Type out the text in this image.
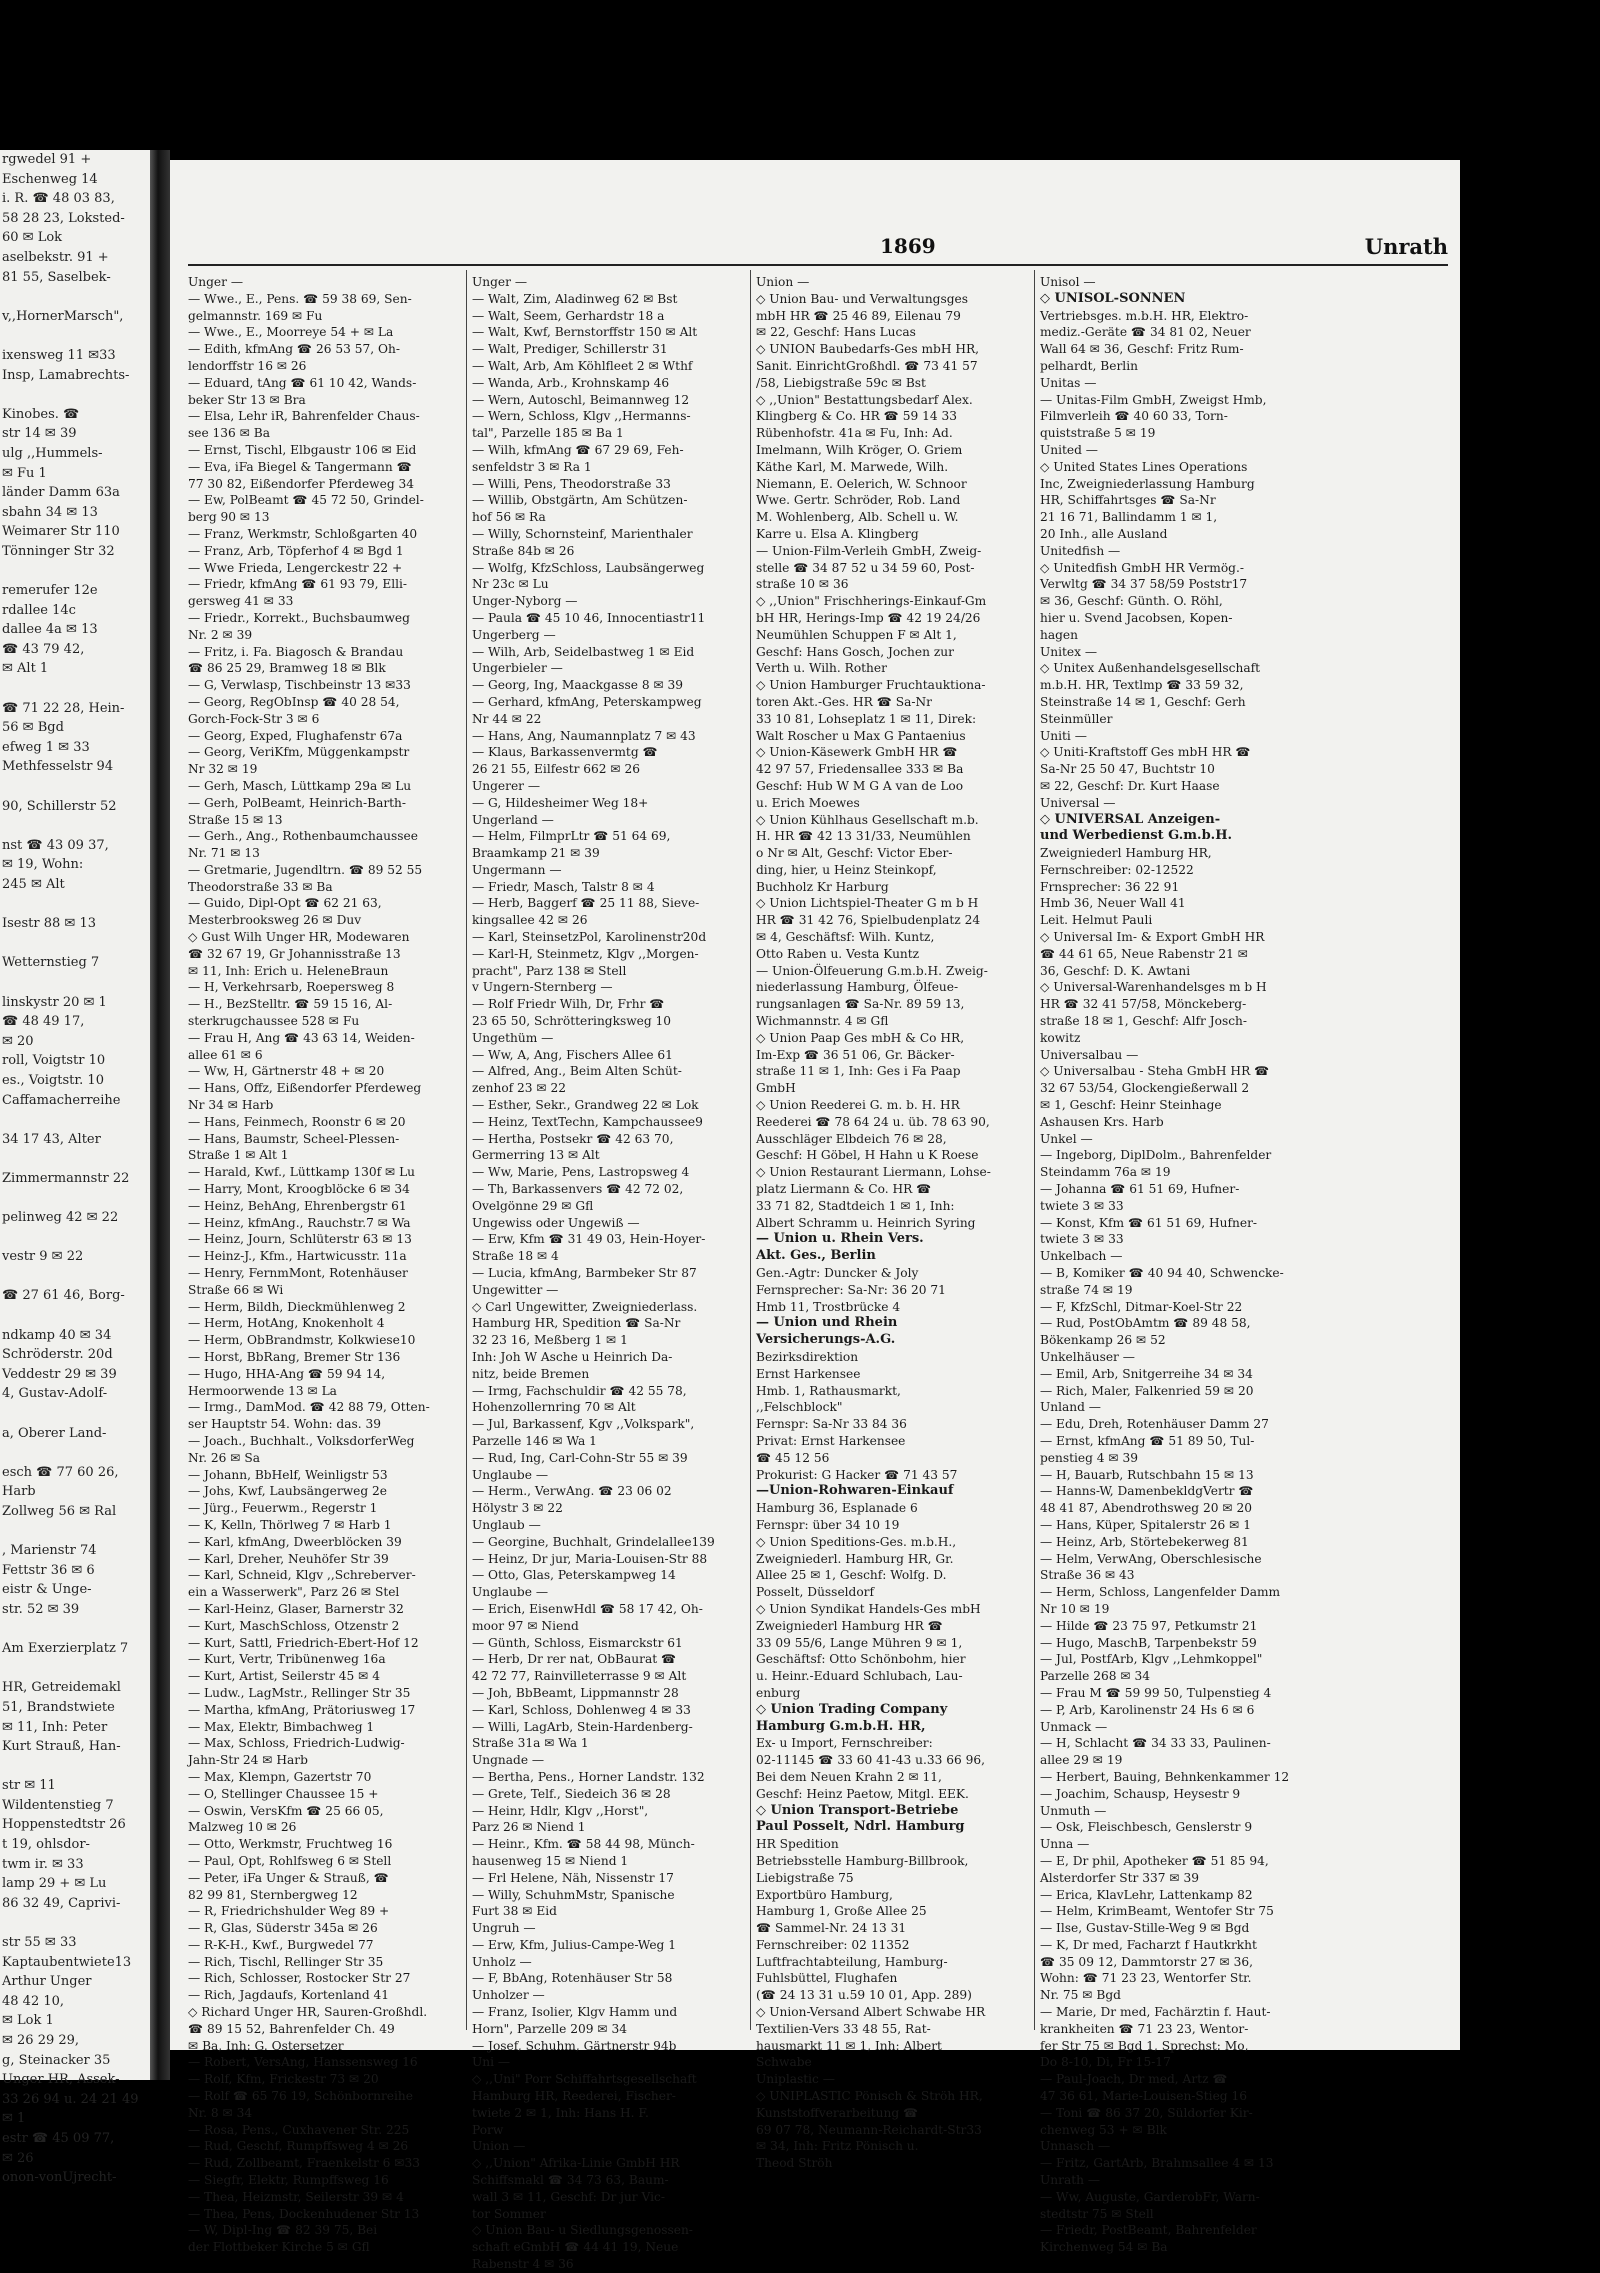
rgwedel 91 +
Eschenweg 14
i. R. ☎ 48 03 83,
58 28 23, Loksted-
60 ✉ Lok
aselbekstr. 91 +
81 55, Saselbek-

v,,HornerMarsch",

ixensweg 11 ✉33
Insp, Lamabrechts-

Kinobes. ☎
str 14 ✉ 39
ulg ,,Hummels-
✉ Fu 1
länder Damm 63a
sbahn 34 ✉ 13
Weimarer Str 110
Tönninger Str 32

remerufer 12e
rdallee 14c
dallee 4a ✉ 13
☎ 43 79 42,
✉ Alt 1

☎ 71 22 28, Hein-
56 ✉ Bgd
efweg 1 ✉ 33
Methfesselstr 94

90, Schillerstr 52

nst ☎ 43 09 37,
✉ 19, Wohn:
245 ✉ Alt

Isestr 88 ✉ 13

Wetternstieg 7

linskystr 20 ✉ 1
☎ 48 49 17,
✉ 20
roll, Voigtstr 10
es., Voigtstr. 10
Caffamacherreihe

34 17 43, Alter

Zimmermannstr 22

pelinweg 42 ✉ 22

vestr 9 ✉ 22

☎ 27 61 46, Borg-

ndkamp 40 ✉ 34
Schröderstr. 20d
Veddestr 29 ✉ 39
4, Gustav-Adolf-

a, Oberer Land-

esch ☎ 77 60 26,
Harb
Zollweg 56 ✉ Ral

, Marienstr 74
Fettstr 36 ✉ 6
eistr & Unge-
str. 52 ✉ 39

Am Exerzierplatz 7

HR, Getreidemakl
51, Brandstwiete
✉ 11, Inh: Peter
Kurt Strauß, Han-

str ✉ 11
Wildentenstieg 7
Hoppenstedtstr 26
t 19, ohlsdor-
twm ir. ✉ 33
lamp 29 + ✉ Lu
86 32 49, Caprivi-

str 55 ✉ 33
Kaptaubentwiete13
Arthur Unger
48 42 10,
✉ Lok 1
✉ 26 29 29,
g, Steinacker 35
Unger HR, Assek-
33 26 94 u. 24 21 49
✉ 1
estr ☎ 45 09 77,
✉ 26
onon-vonUjrecht-
1869	Unrath
Unger —
— Wwe., E., Pens. ☎ 59 38 69, Sen-
gelmannstr. 169 ✉ Fu
— Wwe., E., Moorreye 54 + ✉ La
— Edith, kfmAng ☎ 26 53 57, Oh-
lendorffstr 16 ✉ 26
— Eduard, tAng ☎ 61 10 42, Wands-
beker Str 13 ✉ Bra
— Elsa, Lehr iR, Bahrenfelder Chaus-
see 136 ✉ Ba
— Ernst, Tischl, Elbgaustr 106 ✉ Eid
— Eva, iFa Biegel & Tangermann ☎
77 30 82, Eißendorfer Pferdeweg 34
— Ew, PolBeamt ☎ 45 72 50, Grindel-
berg 90 ✉ 13
— Franz, Werkmstr, Schloßgarten 40
— Franz, Arb, Töpferhof 4 ✉ Bgd 1
— Wwe Frieda, Lengerckestr 22 +
— Friedr, kfmAng ☎ 61 93 79, Elli-
gersweg 41 ✉ 33
— Friedr., Korrekt., Buchsbaumweg
Nr. 2 ✉ 39
— Fritz, i. Fa. Biagosch & Brandau
☎ 86 25 29, Bramweg 18 ✉ Blk
— G, Verwlasp, Tischbeinstr 13 ✉33
— Georg, RegObInsp ☎ 40 28 54,
Gorch-Fock-Str 3 ✉ 6
— Georg, Exped, Flughafenstr 67a
— Georg, VeriKfm, Müggenkampstr
Nr 32 ✉ 19
— Gerh, Masch, Lüttkamp 29a ✉ Lu
— Gerh, PolBeamt, Heinrich-Barth-
Straße 15 ✉ 13
— Gerh., Ang., Rothenbaumchaussee
Nr. 71 ✉ 13
— Gretmarie, Jugendltrn. ☎ 89 52 55
Theodorstraße 33 ✉ Ba
— Guido, Dipl-Opt ☎ 62 21 63,
Mesterbrooksweg 26 ✉ Duv
◇ Gust Wilh Unger HR, Modewaren
☎ 32 67 19, Gr Johannisstraße 13
✉ 11, Inh: Erich u. HeleneBraun
— H, Verkehrsarb, Roepersweg 8
— H., BezStelltr. ☎ 59 15 16, Al-
sterkrugchaussee 528 ✉ Fu
— Frau H, Ang ☎ 43 63 14, Weiden-
allee 61 ✉ 6
— Ww, H, Gärtnerstr 48 + ✉ 20
— Hans, Offz, Eißendorfer Pferdeweg
Nr 34 ✉ Harb
— Hans, Feinmech, Roonstr 6 ✉ 20
— Hans, Baumstr, Scheel-Plessen-
Straße 1 ✉ Alt 1
— Harald, Kwf., Lüttkamp 130f ✉ Lu
— Harry, Mont, Kroogblöcke 6 ✉ 34
— Heinz, BehAng, Ehrenbergstr 61
— Heinz, kfmAng., Rauchstr.7 ✉ Wa
— Heinz, Journ, Schlüterstr 63 ✉ 13
— Heinz-J., Kfm., Hartwicusstr. 11a
— Henry, FernmMont, Rotenhäuser
Straße 66 ✉ Wi
— Herm, Bildh, Dieckmühlenweg 2
— Herm, HotAng, Knokenholt 4
— Herm, ObBrandmstr, Kolkwiese10
— Horst, BbRang, Bremer Str 136
— Hugo, HHA-Ang ☎ 59 94 14,
Hermoorwende 13 ✉ La
— Irmg., DamMod. ☎ 42 88 79, Otten-
ser Hauptstr 54. Wohn: das. 39
— Joach., Buchhalt., VolksdorferWeg
Nr. 26 ✉ Sa
— Johann, BbHelf, Weinligstr 53
— Johs, Kwf, Laubsängerweg 2e
— Jürg., Feuerwm., Regerstr 1
— K, Kelln, Thörlweg 7 ✉ Harb 1
— Karl, kfmAng, Dweerblöcken 39
— Karl, Dreher, Neuhöfer Str 39
— Karl, Schneid, Klgv ,,Schreberver-
ein a Wasserwerk", Parz 26 ✉ Stel
— Karl-Heinz, Glaser, Barnerstr 32
— Kurt, MaschSchloss, Otzenstr 2
— Kurt, Sattl, Friedrich-Ebert-Hof 12
— Kurt, Vertr, Tribünenweg 16a
— Kurt, Artist, Seilerstr 45 ✉ 4
— Ludw., LagMstr., Rellinger Str 35
— Martha, kfmAng, Prätoriusweg 17
— Max, Elektr, Bimbachweg 1
— Max, Schloss, Friedrich-Ludwig-
Jahn-Str 24 ✉ Harb
— Max, Klempn, Gazertstr 70
— O, Stellinger Chaussee 15 +
— Oswin, VersKfm ☎ 25 66 05,
Malzweg 10 ✉ 26
— Otto, Werkmstr, Fruchtweg 16
— Paul, Opt, Rohlfsweg 6 ✉ Stell
— Peter, iFa Unger & Strauß, ☎
82 99 81, Sternbergweg 12
— R, Friedrichshulder Weg 89 +
— R, Glas, Süderstr 345a ✉ 26
— R-K-H., Kwf., Burgwedel 77
— Rich, Tischl, Rellinger Str 35
— Rich, Schlosser, Rostocker Str 27
— Rich, Jagdaufs, Kortenland 41
◇ Richard Unger HR, Sauren-Großhdl.
☎ 89 15 52, Bahrenfelder Ch. 49
✉ Ba, Inh: G. Ostersetzer
— Robert, VersAng, Hanssensweg 16
— Rolf, Kfm, Frickestr 73 ✉ 20
— Rolf ☎ 65 76 19, Schönbornreihe
Nr. 8 ✉ 34
— Rosa, Pens., Cuxhavener Str. 225
— Rud, Geschf, Rumpffsweg 4 ✉ 26
— Rud, Zollbeamt, Fraenkelstr 6 ✉33
— Siegfr, Elektr, Rumpffsweg 16
— Thea, Heizmstr, Seilerstr 39 ✉ 4
— Thea, Pens, Dockenhudener Str 13
— W, Dipl-Ing ☎ 82 39 75, Bei
der Flottbeker Kirche 5 ✉ Gfl
Unger —
— Walt, Zim, Aladinweg 62 ✉ Bst
— Walt, Seem, Gerhardstr 18 a
— Walt, Kwf, Bernstorffstr 150 ✉ Alt
— Walt, Prediger, Schillerstr 31
— Walt, Arb, Am Köhlfleet 2 ✉ Wthf
— Wanda, Arb., Krohnskamp 46
— Wern, Autoschl, Beimannweg 12
— Wern, Schloss, Klgv ,,Hermanns-
tal", Parzelle 185 ✉ Ba 1
— Wilh, kfmAng ☎ 67 29 69, Feh-
senfeldstr 3 ✉ Ra 1
— Willi, Pens, Theodorstraße 33
— Willib, Obstgärtn, Am Schützen-
hof 56 ✉ Ra
— Willy, Schornsteinf, Marienthaler
Straße 84b ✉ 26
— Wolfg, KfzSchloss, Laubsängerweg
Nr 23c ✉ Lu
Unger-Nyborg —
— Paula ☎ 45 10 46, Innocentiastr11
Ungerberg —
— Wilh, Arb, Seidelbastweg 1 ✉ Eid
Ungerbieler —
— Georg, Ing, Maackgasse 8 ✉ 39
— Gerhard, kfmAng, Peterskampweg
Nr 44 ✉ 22
— Hans, Ang, Naumannplatz 7 ✉ 43
— Klaus, Barkassenvermtg ☎
26 21 55, Eilfestr 662 ✉ 26
Ungerer —
— G, Hildesheimer Weg 18+
Ungerland —
— Helm, FilmprLtr ☎ 51 64 69,
Braamkamp 21 ✉ 39
Ungermann —
— Friedr, Masch, Talstr 8 ✉ 4
— Herb, Baggerf ☎ 25 11 88, Sieve-
kingsallee 42 ✉ 26
— Karl, SteinsetzPol, Karolinenstr20d
— Karl-H, Steinmetz, Klgv ,,Morgen-
pracht", Parz 138 ✉ Stell
v Ungern-Sternberg —
— Rolf Friedr Wilh, Dr, Frhr ☎
23 65 50, Schrötteringksweg 10
Ungethüm —
— Ww, A, Ang, Fischers Allee 61
— Alfred, Ang., Beim Alten Schüt-
zenhof 23 ✉ 22
— Esther, Sekr., Grandweg 22 ✉ Lok
— Heinz, TextTechn, Kampchaussee9
— Hertha, Postsekr ☎ 42 63 70,
Germerring 13 ✉ Alt
— Ww, Marie, Pens, Lastropsweg 4
— Th, Barkassenvers ☎ 42 72 02,
Ovelgönne 29 ✉ Gfl
Ungewiss oder Ungewiß —
— Erw, Kfm ☎ 31 49 03, Hein-Hoyer-
Straße 18 ✉ 4
— Lucia, kfmAng, Barmbeker Str 87
Ungewitter —
◇ Carl Ungewitter, Zweigniederlass.
Hamburg HR, Spedition ☎ Sa-Nr
32 23 16, Meßberg 1 ✉ 1
Inh: Joh W Asche u Heinrich Da-
nitz, beide Bremen
— Irmg, Fachschuldir ☎ 42 55 78,
Hohenzollernring 70 ✉ Alt
— Jul, Barkassenf, Kgv ,,Volkspark",
Parzelle 146 ✉ Wa 1
— Rud, Ing, Carl-Cohn-Str 55 ✉ 39
Unglaube —
— Herm., VerwAng. ☎ 23 06 02
Hölystr 3 ✉ 22
Unglaub —
— Georgine, Buchhalt, Grindelallee139
— Heinz, Dr jur, Maria-Louisen-Str 88
— Otto, Glas, Peterskampweg 14
Unglaube —
— Erich, EisenwHdl ☎ 58 17 42, Oh-
moor 97 ✉ Niend
— Günth, Schloss, Eismarckstr 61
— Herb, Dr rer nat, ObBaurat ☎
42 72 77, Rainvilleterrasse 9 ✉ Alt
— Joh, BbBeamt, Lippmannstr 28
— Karl, Schloss, Dohlenweg 4 ✉ 33
— Willi, LagArb, Stein-Hardenberg-
Straße 31a ✉ Wa 1
Ungnade —
— Bertha, Pens., Horner Landstr. 132
— Grete, Telf., Siedeich 36 ✉ 28
— Heinr, Hdlr, Klgv ,,Horst",
Parz 26 ✉ Niend 1
— Heinr., Kfm. ☎ 58 44 98, Münch-
hausenweg 15 ✉ Niend 1
— Frl Helene, Näh, Nissenstr 17
— Willy, SchuhmMstr, Spanische
Furt 38 ✉ Eid
Ungruh —
— Erw, Kfm, Julius-Campe-Weg 1
Unholz —
— F, BbAng, Rotenhäuser Str 58
Unholzer —
— Franz, Isolier, Klgv Hamm und
Horn", Parzelle 209 ✉ 34
— Josef, Schuhm, Gärtnerstr 94b
Uni —
◇ ,,Uni" Porr Schiffahrtsgesellschaft
Hamburg HR, Reederei, Fischer-
twiete 2 ✉ 1, Inh: Hans H. F.
Porw
Union —
◇ ,,Union" Afrika-Linie GmbH HR
Schiffsmakl ☎ 34 73 63, Baum-
wall 3 ✉ 11, Geschf: Dr jur Vic-
tor Sommer
◇ Union Bau- u Siedlungsgenossen-
schaft eGmbH ☎ 44 41 19, Neue
Rabenstr 4 ✉ 36
Union —
◇ Union Bau- und Verwaltungsges
mbH HR ☎ 25 46 89, Eilenau 79
✉ 22, Geschf: Hans Lucas
◇ UNION Baubedarfs-Ges mbH HR,
Sanit. EinrichtGroßhdl. ☎ 73 41 57
/58, Liebigstraße 59c ✉ Bst
◇ ,,Union" Bestattungsbedarf Alex.
Klingberg & Co. HR ☎ 59 14 33
Rübenhofstr. 41a ✉ Fu, Inh: Ad.
Imelmann, Wilh Kröger, O. Griem
Käthe Karl, M. Marwede, Wilh.
Niemann, E. Oelerich, W. Schnoor
Wwe. Gertr. Schröder, Rob. Land
M. Wohlenberg, Alb. Schell u. W.
Karre u. Elsa A. Klingberg
— Union-Film-Verleih GmbH, Zweig-
stelle ☎ 34 87 52 u 34 59 60, Post-
straße 10 ✉ 36
◇ ,,Union" Frischherings-Einkauf-Gm
bH HR, Herings-Imp ☎ 42 19 24/26
Neumühlen Schuppen F ✉ Alt 1,
Geschf: Hans Gosch, Jochen zur
Verth u. Wilh. Rother
◇ Union Hamburger Fruchtauktiona-
toren Akt.-Ges. HR ☎ Sa-Nr
33 10 81, Lohseplatz 1 ✉ 11, Direk:
Walt Roscher u Max G Pantaenius
◇ Union-Käsewerk GmbH HR ☎
42 97 57, Friedensallee 333 ✉ Ba
Geschf: Hub W M G A van de Loo
u. Erich Moewes
◇ Union Kühlhaus Gesellschaft m.b.
H. HR ☎ 42 13 31/33, Neumühlen
o Nr ✉ Alt, Geschf: Victor Eber-
ding, hier, u Heinz Steinkopf,
Buchholz Kr Harburg
◇ Union Lichtspiel-Theater G m b H
HR ☎ 31 42 76, Spielbudenplatz 24
✉ 4, Geschäftsf: Wilh. Kuntz,
Otto Raben u. Vesta Kuntz
— Union-Ölfeuerung G.m.b.H. Zweig-
niederlassung Hamburg, Ölfeue-
rungsanlagen ☎ Sa-Nr. 89 59 13,
Wichmannstr. 4 ✉ Gfl
◇ Union Paap Ges mbH & Co HR,
Im-Exp ☎ 36 51 06, Gr. Bäcker-
straße 11 ✉ 1, Inh: Ges i Fa Paap
GmbH
◇ Union Reederei G. m. b. H. HR
Reederei ☎ 78 64 24 u. üb. 78 63 90,
Ausschläger Elbdeich 76 ✉ 28,
Geschf: H Göbel, H Hahn u K Roese
◇ Union Restaurant Liermann, Lohse-
platz Liermann & Co. HR ☎
33 71 82, Stadtdeich 1 ✉ 1, Inh:
Albert Schramm u. Heinrich Syring
— Union u. Rhein Vers.
Akt. Ges., Berlin
Gen.-Agtr: Duncker & Joly
Fernsprecher: Sa-Nr: 36 20 71
Hmb 11, Trostbrücke 4
— Union und Rhein
Versicherungs-A.G.
Bezirksdirektion
Ernst Harkensee
Hmb. 1, Rathausmarkt,
,,Felschblock"
Fernspr: Sa-Nr 33 84 36
Privat: Ernst Harkensee
☎ 45 12 56
Prokurist: G Hacker ☎ 71 43 57
—Union-Rohwaren-Einkauf
Hamburg 36, Esplanade 6
Fernspr: über 34 10 19
◇ Union Speditions-Ges. m.b.H.,
Zweigniederl. Hamburg HR, Gr.
Allee 25 ✉ 1, Geschf: Wolfg. D.
Posselt, Düsseldorf
◇ Union Syndikat Handels-Ges mbH
Zweigniederl Hamburg HR ☎
33 09 55/6, Lange Mühren 9 ✉ 1,
Geschäftsf: Otto Schönbohm, hier
u. Heinr.-Eduard Schlubach, Lau-
enburg
◇ Union Trading Company
Hamburg G.m.b.H. HR,
Ex- u Import, Fernschreiber:
02-11145 ☎ 33 60 41-43 u.33 66 96,
Bei dem Neuen Krahn 2 ✉ 11,
Geschf: Heinz Paetow, Mitgl. EEK.
◇ Union Transport-Betriebe
Paul Posselt, Ndrl. Hamburg
HR Spedition
Betriebsstelle Hamburg-Billbrook,
Liebigstraße 75
Exportbüro Hamburg,
Hamburg 1, Große Allee 25
☎ Sammel-Nr. 24 13 31
Fernschreiber: 02 11352
Luftfrachtabteilung, Hamburg-
Fuhlsbüttel, Flughafen
(☎ 24 13 31 u.59 10 01, App. 289)
◇ Union-Versand Albert Schwabe HR
Textilien-Vers 33 48 55, Rat-
hausmarkt 11 ✉ 1, Inh: Albert
Schwabe
Uniplastic —
◇ UNIPLASTIC Pönisch & Ströh HR,
Kunststoffverarbeitung ☎
69 07 78, Neumann-Reichardt-Str33
✉ 34, Inh: Fritz Pönisch u.
Theod Ströh
Unisol —
◇ UNISOL-SONNEN
Vertriebsges. m.b.H. HR, Elektro-
mediz.-Geräte ☎ 34 81 02, Neuer
Wall 64 ✉ 36, Geschf: Fritz Rum-
pelhardt, Berlin
Unitas —
— Unitas-Film GmbH, Zweigst Hmb,
Filmverleih ☎ 40 60 33, Torn-
quiststraße 5 ✉ 19
United —
◇ United States Lines Operations
Inc, Zweigniederlassung Hamburg
HR, Schiffahrtsges ☎ Sa-Nr
21 16 71, Ballindamm 1 ✉ 1,
20 Inh., alle Ausland
Unitedfish —
◇ Unitedfish GmbH HR Vermög.-
Verwltg ☎ 34 37 58/59 Poststr17
✉ 36, Geschf: Günth. O. Röhl,
hier u. Svend Jacobsen, Kopen-
hagen
Unitex —
◇ Unitex Außenhandelsgesellschaft
m.b.H. HR, Textlmp ☎ 33 59 32,
Steinstraße 14 ✉ 1, Geschf: Gerh
Steinmüller
Uniti —
◇ Uniti-Kraftstoff Ges mbH HR ☎
Sa-Nr 25 50 47, Buchtstr 10
✉ 22, Geschf: Dr. Kurt Haase
Universal —
◇ UNIVERSAL Anzeigen-
und Werbedienst G.m.b.H.
Zweigniederl Hamburg HR,
Fernschreiber: 02-12522
Frnsprecher: 36 22 91
Hmb 36, Neuer Wall 41
Leit. Helmut Pauli
◇ Universal Im- & Export GmbH HR
☎ 44 61 65, Neue Rabenstr 21 ✉
36, Geschf: D. K. Awtani
◇ Universal-Warenhandelsges m b H
HR ☎ 32 41 57/58, Mönckeberg-
straße 18 ✉ 1, Geschf: Alfr Josch-
kowitz
Universalbau —
◇ Universalbau - Steha GmbH HR ☎
32 67 53/54, Glockengießerwall 2
✉ 1, Geschf: Heinr Steinhage
Ashausen Krs. Harb
Unkel —
— Ingeborg, DiplDolm., Bahrenfelder
Steindamm 76a ✉ 19
— Johanna ☎ 61 51 69, Hufner-
twiete 3 ✉ 33
— Konst, Kfm ☎ 61 51 69, Hufner-
twiete 3 ✉ 33
Unkelbach —
— B, Komiker ☎ 40 94 40, Schwencke-
straße 74 ✉ 19
— F, KfzSchl, Ditmar-Koel-Str 22
— Rud, PostObAmtm ☎ 89 48 58,
Bökenkamp 26 ✉ 52
Unkelhäuser —
— Emil, Arb, Snitgerreihe 34 ✉ 34
— Rich, Maler, Falkenried 59 ✉ 20
Unland —
— Edu, Dreh, Rotenhäuser Damm 27
— Ernst, kfmAng ☎ 51 89 50, Tul-
penstieg 4 ✉ 39
— H, Bauarb, Rutschbahn 15 ✉ 13
— Hanns-W, DamenbekldgVertr ☎
48 41 87, Abendrothsweg 20 ✉ 20
— Hans, Küper, Spitalerstr 26 ✉ 1
— Heinz, Arb, Störtebekerweg 81
— Helm, VerwAng, Oberschlesische
Straße 36 ✉ 43
— Herm, Schloss, Langenfelder Damm
Nr 10 ✉ 19
— Hilde ☎ 23 75 97, Petkumstr 21
— Hugo, MaschB, Tarpenbekstr 59
— Jul, PostfArb, Klgv ,,Lehmkoppel"
Parzelle 268 ✉ 34
— Frau M ☎ 59 99 50, Tulpenstieg 4
— P, Arb, Karolinenstr 24 Hs 6 ✉ 6
Unmack —
— H, Schlacht ☎ 34 33 33, Paulinen-
allee 29 ✉ 19
— Herbert, Bauing, Behnkenkammer 12
— Joachim, Schausp, Heysestr 9
Unmuth —
— Osk, Fleischbesch, Genslerstr 9
Unna —
— E, Dr phil, Apotheker ☎ 51 85 94,
Alsterdorfer Str 337 ✉ 39
— Erica, KlavLehr, Lattenkamp 82
— Helm, KrimBeamt, Wentofer Str 75
— Ilse, Gustav-Stille-Weg 9 ✉ Bgd
— K, Dr med, Facharzt f Hautkrkht
☎ 35 09 12, Dammtorstr 27 ✉ 36,
Wohn: ☎ 71 23 23, Wentorfer Str.
Nr. 75 ✉ Bgd
— Marie, Dr med, Fachärztin f. Haut-
krankheiten ☎ 71 23 23, Wentor-
fer Str 75 ✉ Bgd 1, Sprechst: Mo,
Do 8-10, Di, Fr 15-17
— Paul-Joach, Dr med, Artz ☎
47 36 61, Marie-Louisen-Stieg 16
— Toni ☎ 86 37 20, Süldorfer Kir-
chenweg 53 + ✉ Blk
Unnasch —
— Fritz, GartArb, Brahmsallee 4 ✉ 13
Unrath —
— Ww, Auguste, GarderobFr, Warn-
stedtstr 75 ✉ Stell
— Friedr, PostBeamt, Bahrenfelder
Kirchenweg 54 ✉ Ba
